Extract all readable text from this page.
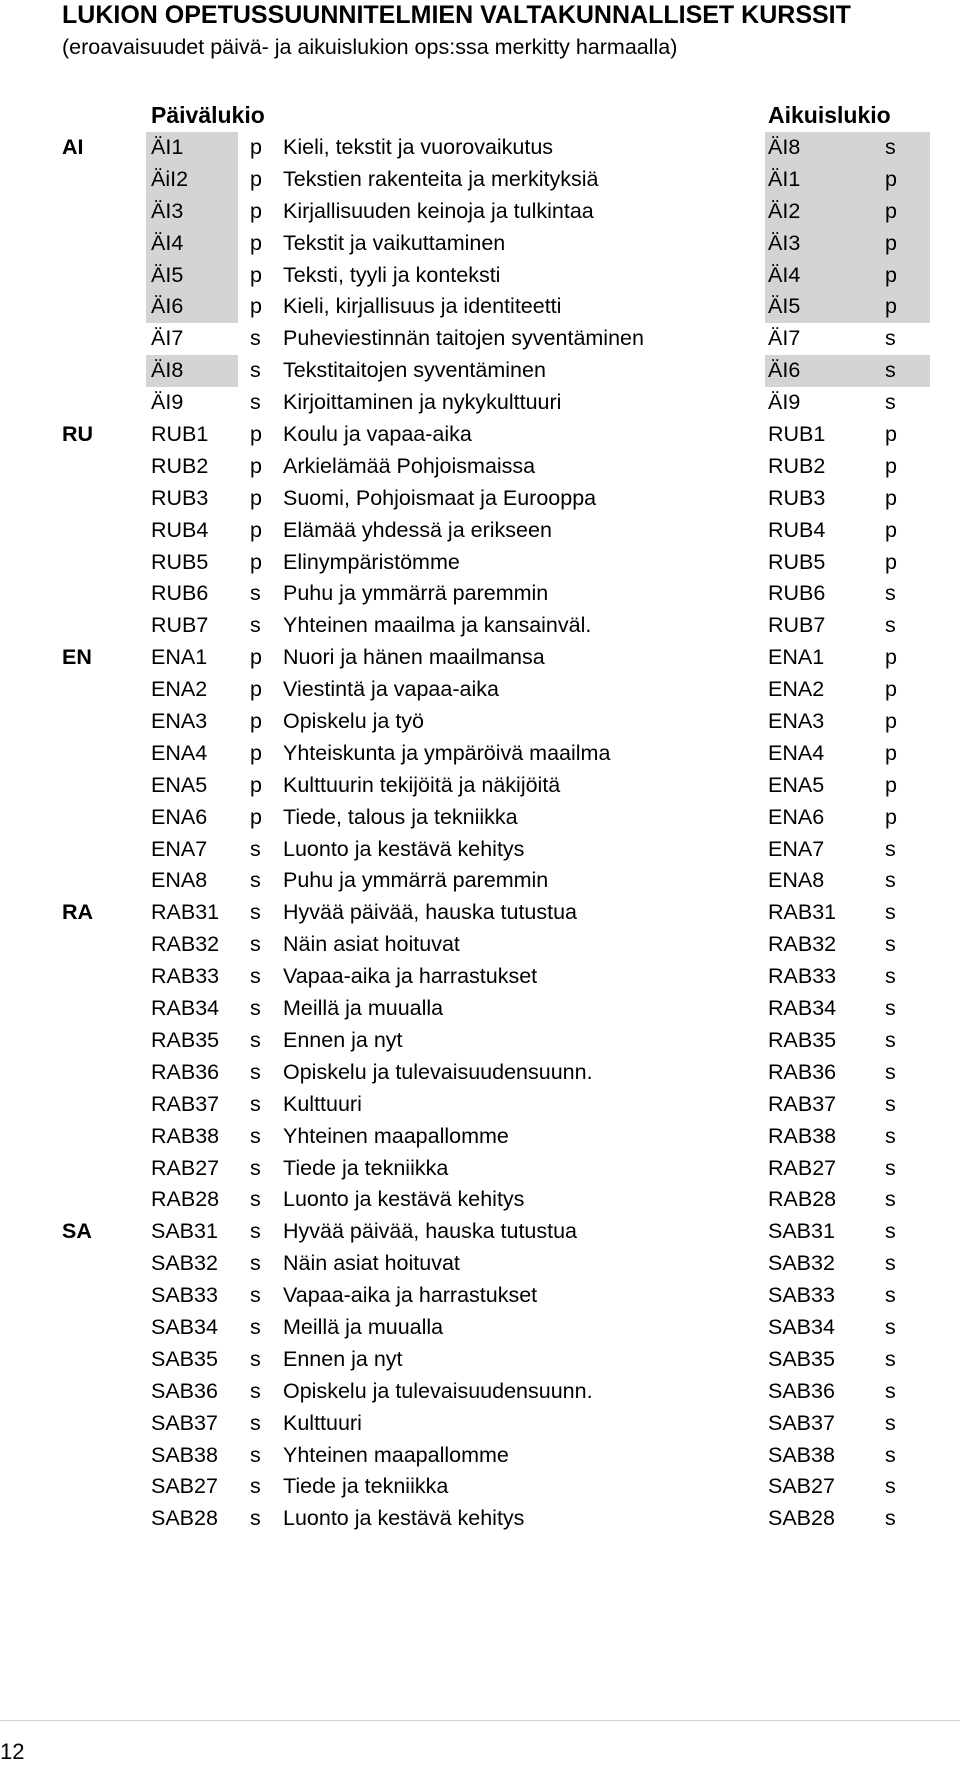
LUKION OPETUSSUUNNITELMIEN VALTAKUNNALLISET KURSSIT
(eroavaisuudet päivä- ja aikuislukion ops:ssa merkitty harmaalla)
Päivälukio	Aikuislukio
AI	ÄI1	p Kieli, tekstit ja vuorovaikutus	ÄI8	s
ÄiI2	p Tekstien rakenteita ja merkityksiä	ÄI1	p
ÄI3	p Kirjallisuuden keinoja ja tulkintaa	ÄI2	p
ÄI4	p Tekstit ja vaikuttaminen	ÄI3	p
ÄI5	p Teksti, tyyli ja konteksti	ÄI4	p
ÄI6	p Kieli, kirjallisuus ja identiteetti	ÄI5	p
ÄI7	s Puheviestinnän taitojen syventäminen	ÄI7	s
ÄI8	s Tekstitaitojen syventäminen	ÄI6	s
ÄI9	s Kirjoittaminen ja nykykulttuuri	ÄI9	s
RU	RUB1 p Koulu ja vapaa-aika	RUB1	p
RUB2 p Arkielämää Pohjoismaissa	RUB2	p
RUB3 p Suomi, Pohjoismaat ja Eurooppa	RUB3	p
RUB4 p Elämää yhdessä ja erikseen	RUB4	p
RUB5 p Elinympäristömme	RUB5	p
RUB6 s Puhu ja ymmärrä paremmin	RUB6	s
RUB7 s Yhteinen maailma ja kansainväl.	RUB7	s
EN	ENA1 p Nuori ja hänen maailmansa	ENA1	p
ENA2 p Viestintä ja vapaa-aika	ENA2	p
ENA3 p Opiskelu ja työ	ENA3	p
ENA4 p Yhteiskunta ja ympäröivä maailma	ENA4	p
ENA5 p Kulttuurin tekijöitä ja näkijöitä	ENA5	p
ENA6 p Tiede, talous ja tekniikka	ENA6	p
ENA7 s Luonto ja kestävä kehitys	ENA7	s
ENA8 s Puhu ja ymmärrä paremmin	ENA8	s
RA	RAB31 s Hyvää päivää, hauska tutustua	RAB31 s
RAB32 s Näin asiat hoituvat	RAB32 s
RAB33 s Vapaa-aika ja harrastukset	RAB33 s
RAB34 s Meillä ja muualla	RAB34 s
RAB35 s Ennen ja nyt	RAB35 s
RAB36 s Opiskelu ja tulevaisuudensuunn.	RAB36 s
RAB37 s Kulttuuri	RAB37 s
RAB38 s Yhteinen maapallomme	RAB38 s
RAB27 s Tiede ja tekniikka	RAB27 s
RAB28 s Luonto ja kestävä kehitys	RAB28 s
SA	SAB31 s Hyvää päivää, hauska tutustua	SAB31 s
SAB32 s Näin asiat hoituvat	SAB32 s
SAB33 s Vapaa-aika ja harrastukset	SAB33 s
SAB34 s Meillä ja muualla	SAB34 s
SAB35 s Ennen ja nyt	SAB35 s
SAB36 s Opiskelu ja tulevaisuudensuunn.	SAB36 s
SAB37 s Kulttuuri	SAB37 s
SAB38 s Yhteinen maapallomme	SAB38 s
SAB27 s Tiede ja tekniikka	SAB27 s
SAB28 s Luonto ja kestävä kehitys	SAB28 s
12
